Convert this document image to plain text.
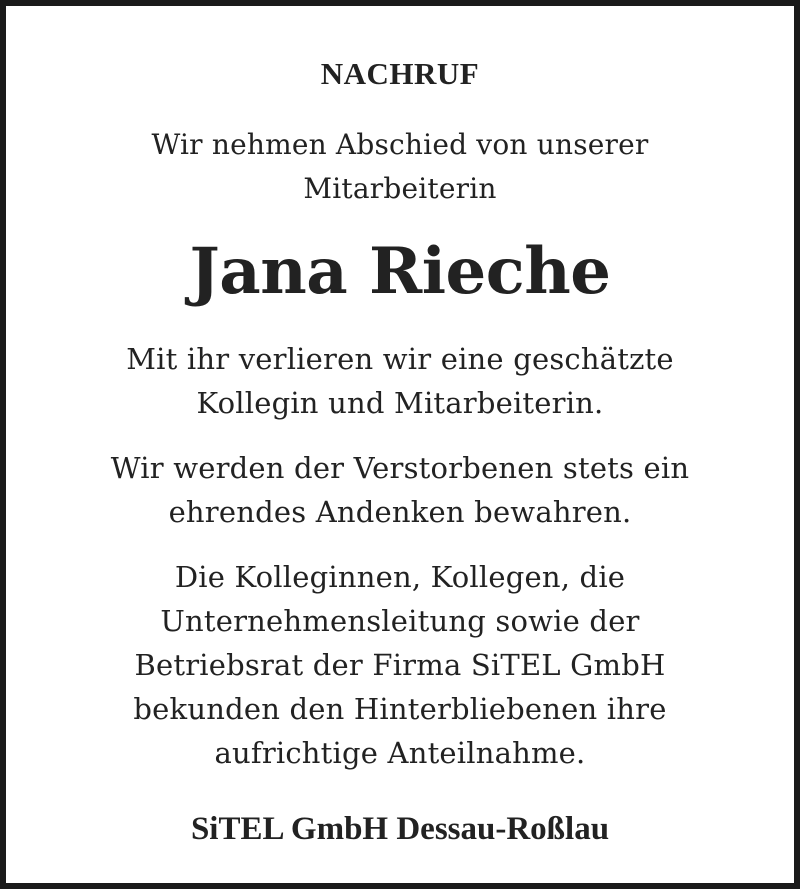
NACHRUF
Wir nehmen Abschied von unserer
Mitarbeiterin
Jana Rieche
Mit ihr verlieren wir eine geschätzte
Kollegin und Mitarbeiterin.
Wir werden der Verstorbenen stets ein
ehrendes Andenken bewahren.
Die Kolleginnen, Kollegen, die
Unternehmensleitung sowie der
Betriebsrat der Firma SiTEL GmbH
bekunden den Hinterbliebenen ihre
aufrichtige Anteilnahme.
SiTEL GmbH Dessau-Roßlau
